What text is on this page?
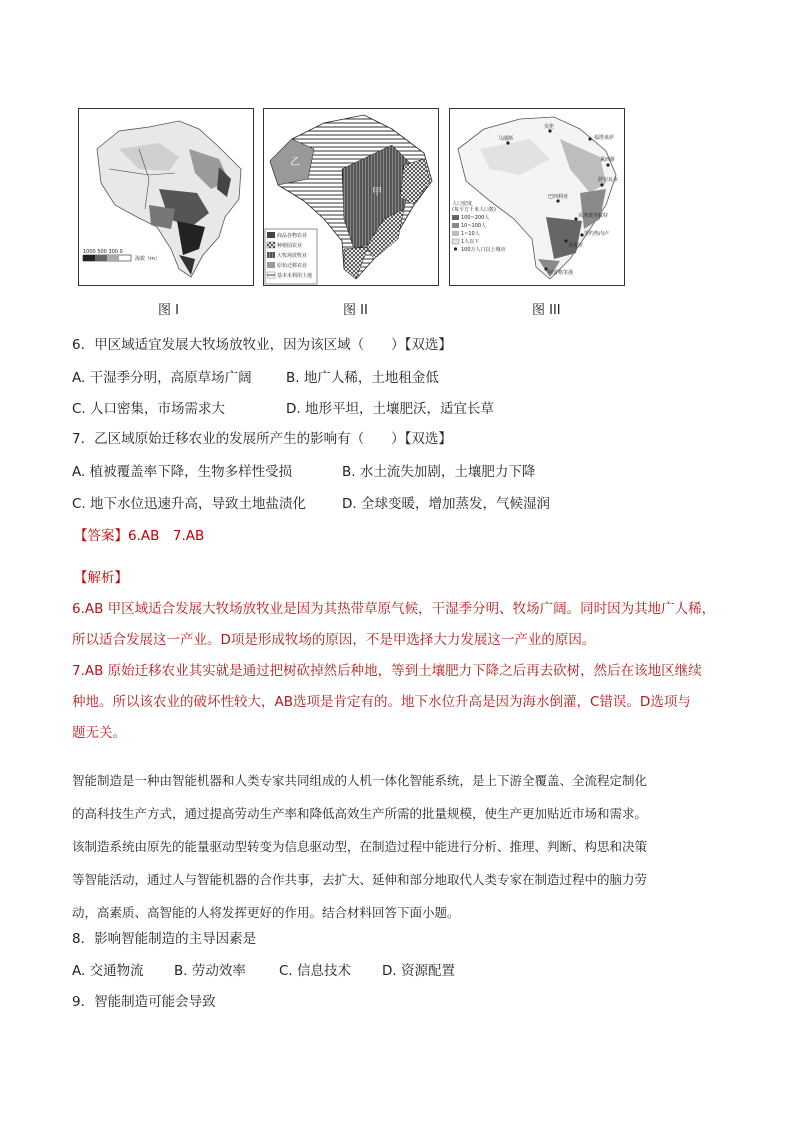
1000 500 300 0
海拔（m）
图 I
乙
甲
商品谷物农业
种植园农业
大牧场放牧业
原始迁移农业
基本未利用土地
图 II
马瑙斯
贝伦
福塔莱萨
累西腓
萨尔瓦多
巴西利亚
贝洛奥里藏特
里约热内卢
圣保罗
阿雷格里港
人口密度
(每平方千米人口数)
100~200人
10~100人
1~10人
1人以下
100万人口以上城市
图 III
6．甲区域适宜发展大牧场放牧业，因为该区域（　　）【双选】
A. 干湿季分明，高原草场广阔	B. 地广人稀，土地租金低
C. 人口密集，市场需求大	D. 地形平坦，土壤肥沃，适宜长草
7．乙区域原始迁移农业的发展所产生的影响有（　　）【双选】
A. 植被覆盖率下降，生物多样性受损	B. 水土流失加剧，土壤肥力下降
C. 地下水位迅速升高，导致土地盐渍化	D. 全球变暖，增加蒸发，气候湿润
【答案】6.AB　7.AB
【解析】
6.AB 甲区域适合发展大牧场放牧业是因为其热带草原气候，干湿季分明、牧场广阔。同时因为其地广人稀，
所以适合发展这一产业。D项是形成牧场的原因，不是甲选择大力发展这一产业的原因。
7.AB 原始迁移农业其实就是通过把树砍掉然后种地，等到土壤肥力下降之后再去砍树，然后在该地区继续
种地。所以该农业的破坏性较大，AB选项是肯定有的。地下水位升高是因为海水倒灌，C错误。D选项与
题无关。
智能制造是一种由智能机器和人类专家共同组成的人机一体化智能系统，是上下游全覆盖、全流程定制化
的高科技生产方式，通过提高劳动生产率和降低高效生产所需的批量规模，使生产更加贴近市场和需求。
该制造系统由原先的能量驱动型转变为信息驱动型，在制造过程中能进行分析、推理、判断、构思和决策
等智能活动，通过人与智能机器的合作共事，去扩大、延伸和部分地取代人类专家在制造过程中的脑力劳
动，高素质、高智能的人将发挥更好的作用。结合材料回答下面小题。
8．影响智能制造的主导因素是
A. 交通物流 B. 劳动效率 C. 信息技术 D. 资源配置
9．智能制造可能会导致
